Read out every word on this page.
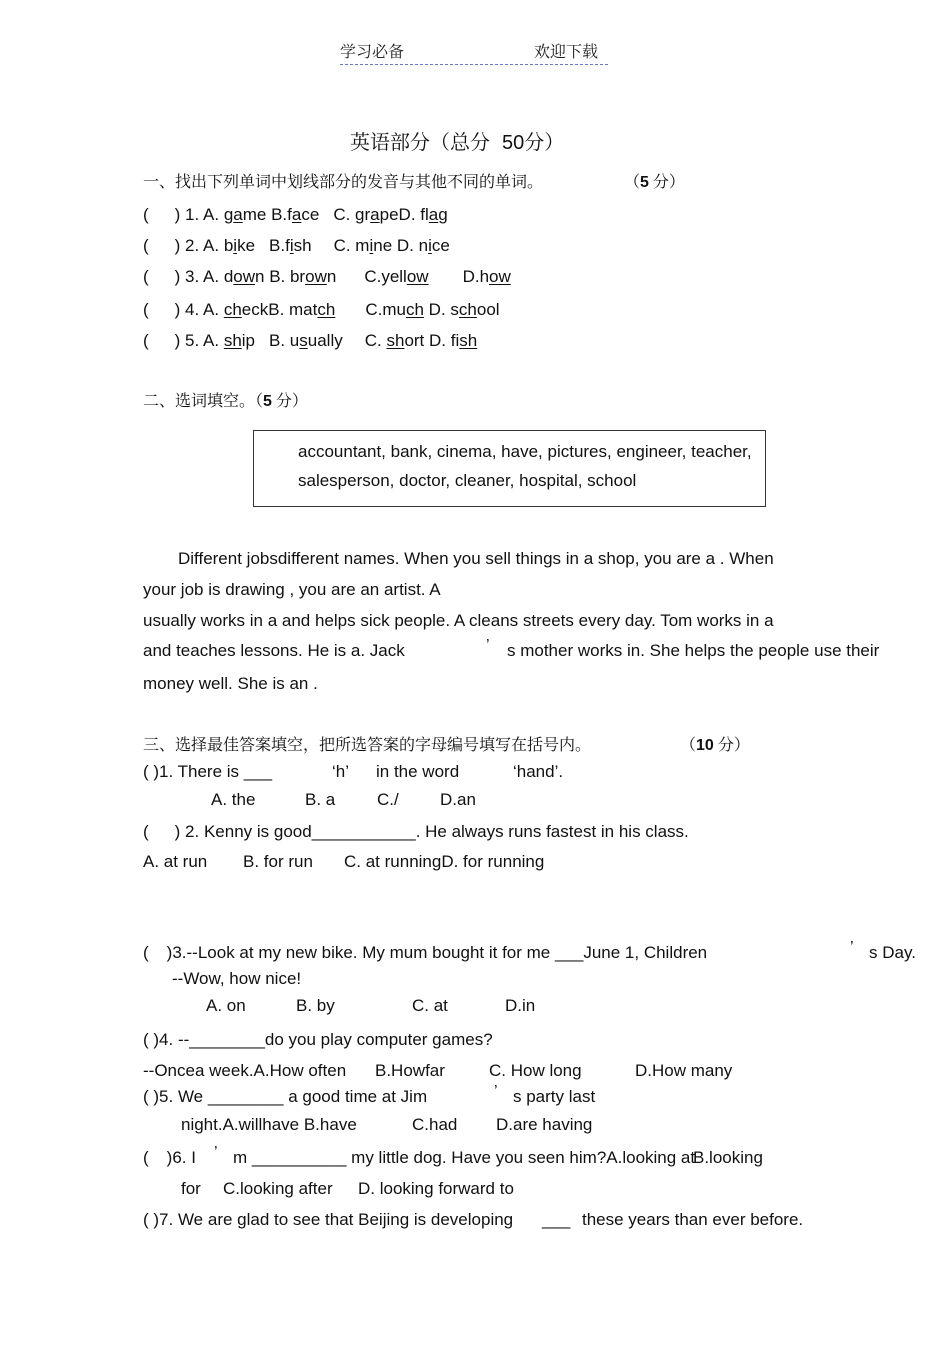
学习必备	欢迎下载
英语部分（总分 50分）
一、找出下列单词中划线部分的发音与其他不同的单词。	（5 分）
( ) 1. A. game B.face C. grapeD. flag
( ) 2. A. bike B.fish C. mine D. nice
( ) 3. A. down B. brown C.yellow D.how
( ) 4. A. checkB. match C.much D. school
( ) 5. A. ship B. usually C. short D. fish
二、选词填空。（5 分）
accountant, bank, cinema, have, pictures, engineer, teacher,
salesperson, doctor, cleaner, hospital, school
Different jobsdifferent names. When you sell things in a shop, you are a . When
your job is drawing , you are an artist. A
usually works in a and helps sick people. A cleans streets every day. Tom works in a
and teaches lessons. He is a. Jack	’ s mother works in. She helps the people use their
money well. She is an .
三、选择最佳答案填空，把所选答案的字母编号填写在括号内。	（10 分）
( )1. There is ___	‘h’ in the word	‘hand’.
A. the	B. a C./ D.an
( ) 2. Kenny is good___________. He always runs fastest in his class.
A. at run B. for run C. at runningD. for running
( )3.--Look at my new bike. My mum bought it for me ___June 1, Children	’ s Day.
--Wow, how nice!
A. on	B. by	C. at	D.in
( )4. --________do you play computer games?
--Oncea week.A.How often B.Howfar	C. How long	D.How many
( )5. We ________ a good time at Jim	’ s party last
night.A.willhave B.have	C.had D.are having
( )6. I ’ m __________ my little dog. Have you seen him?A.looking at
B.looking
for C.looking after D. looking forward to
( )7. We are glad to see that Beijing is developing ___ these years than ever before.
